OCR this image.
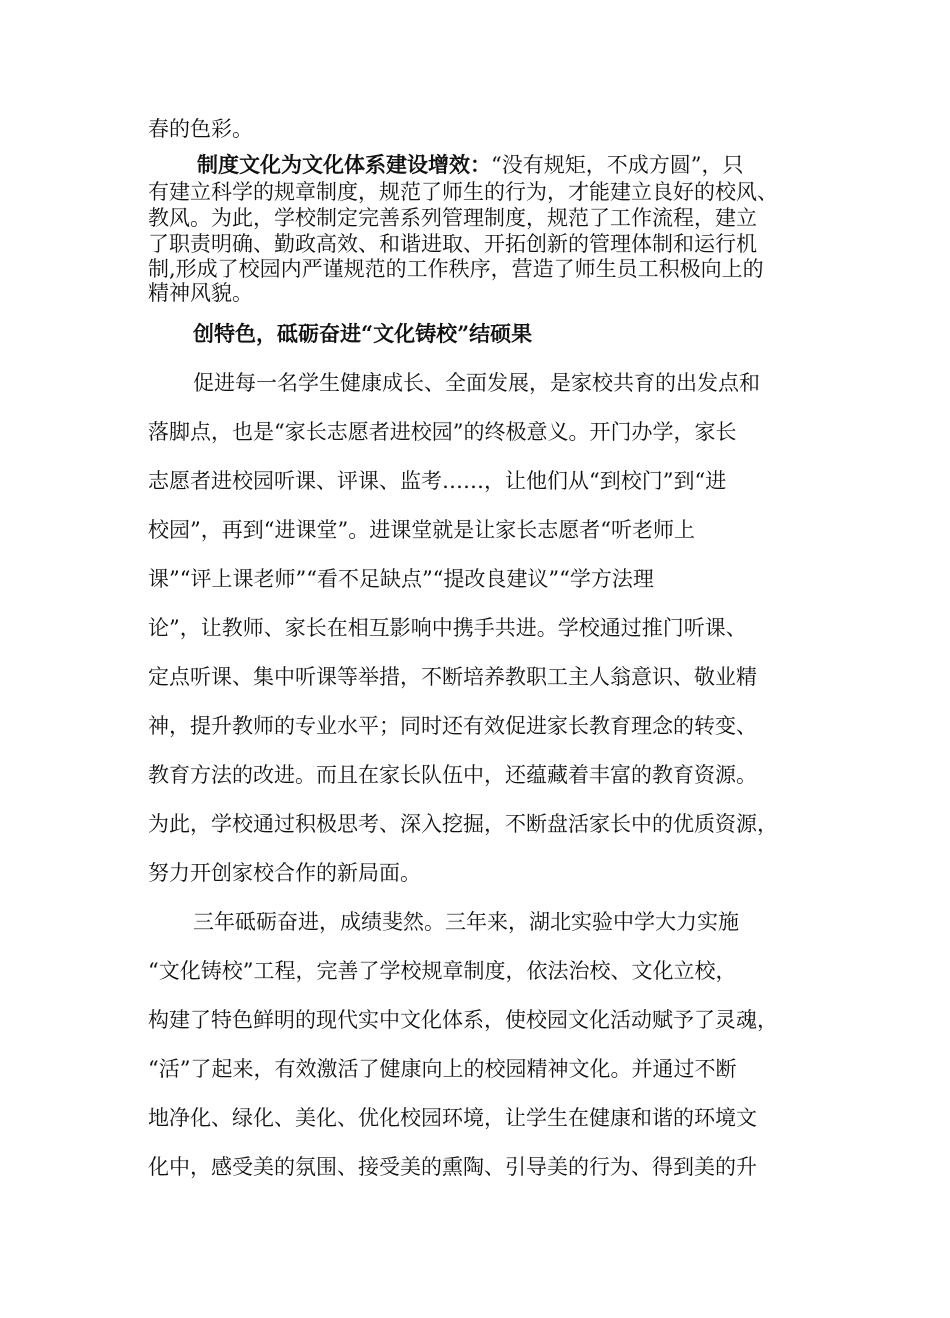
春的色彩。

制度文化为文化体系建设增效：“没有规矩，不成方圆”，只

有建立科学的规章制度，规范了师生的行为，才能建立良好的校风、

教风。为此，学校制定完善系列管理制度，规范了工作流程，建立

了职责明确、勤政高效、和谐进取、开拓创新的管理体制和运行机

制,形成了校园内严谨规范的工作秩序，营造了师生员工积极向上的

精神风貌。

创特色，砥砺奋进“文化铸校”结硕果

促进每一名学生健康成长、全面发展，是家校共育的出发点和

落脚点，也是“家长志愿者进校园”的终极意义。开门办学，家长

志愿者进校园听课、评课、监考……，让他们从“到校门”到“进

校园”，再到“进课堂”。进课堂就是让家长志愿者“听老师上

课”“评上课老师”“看不足缺点”“提改良建议”“学方法理

论”，让教师、家长在相互影响中携手共进。学校通过推门听课、

定点听课、集中听课等举措，不断培养教职工主人翁意识、敬业精

神，提升教师的专业水平；同时还有效促进家长教育理念的转变、

教育方法的改进。而且在家长队伍中，还蕴藏着丰富的教育资源。

为此，学校通过积极思考、深入挖掘，不断盘活家长中的优质资源，

努力开创家校合作的新局面。

三年砥砺奋进，成绩斐然。三年来，湖北实验中学大力实施

“文化铸校”工程，完善了学校规章制度，依法治校、文化立校，

构建了特色鲜明的现代实中文化体系，使校园文化活动赋予了灵魂，

“活”了起来，有效激活了健康向上的校园精神文化。并通过不断

地净化、绿化、美化、优化校园环境，让学生在健康和谐的环境文

化中，感受美的氛围、接受美的熏陶、引导美的行为、得到美的升
